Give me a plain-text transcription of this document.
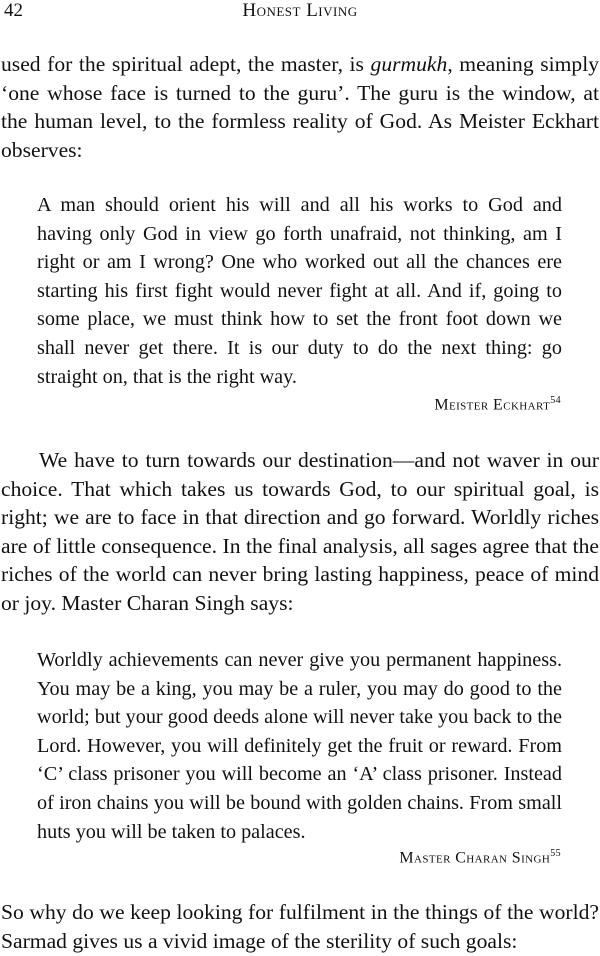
42	Honest Living

used for the spiritual adept, the master, is gurmukh, meaning simply ‘one whose face is turned to the guru’. The guru is the window, at the human level, to the formless reality of God. As Meister Eckhart observes:

A man should orient his will and all his works to God and having only God in view go forth unafraid, not thinking, am I right or am I wrong? One who worked out all the chances ere starting his first fight would never fight at all. And if, going to some place, we must think how to set the front foot down we shall never get there. It is our duty to do the next thing: go straight on, that is the right way.

Meister Eckhart$^{54}$

We have to turn towards our destination—and not waver in our choice. That which takes us towards God, to our spiritual goal, is right; we are to face in that direction and go forward. Worldly riches are of little consequence. In the final analysis, all sages agree that the riches of the world can never bring lasting happiness, peace of mind or joy. Master Charan Singh says:

Worldly achievements can never give you permanent happiness. You may be a king, you may be a ruler, you may do good to the world; but your good deeds alone will never take you back to the Lord. However, you will definitely get the fruit or reward. From ‘C’ class prisoner you will become an ‘A’ class prisoner. Instead of iron chains you will be bound with golden chains. From small huts you will be taken to palaces.

Master Charan Singh$^{55}$

So why do we keep looking for fulfilment in the things of the world? Sarmad gives us a vivid image of the sterility of such goals:
